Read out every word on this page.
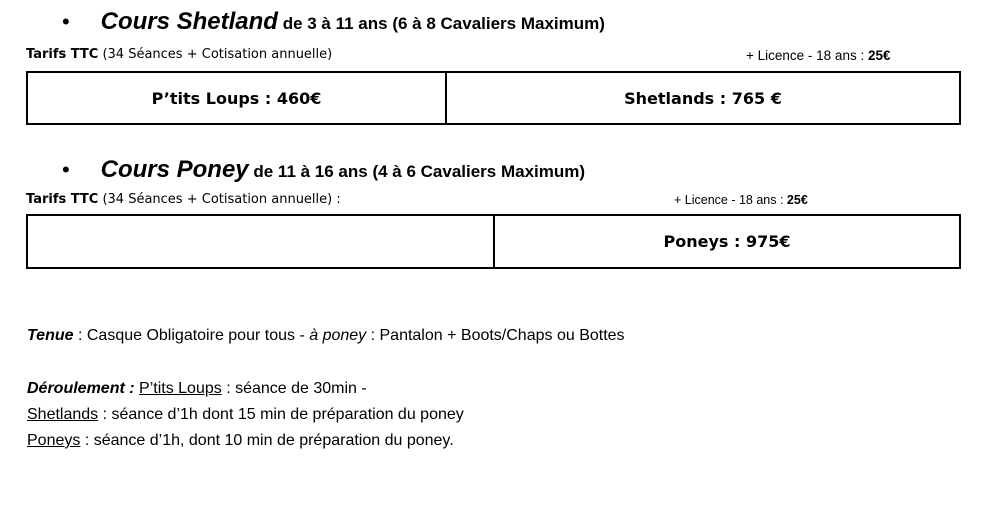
• Cours Shetland de 3 à 11 ans (6 à 8 Cavaliers Maximum)
Tarifs TTC (34 Séances + Cotisation annuelle)	+ Licence - 18 ans : 25€
P’tits Loups : 460€	Shetlands : 765 €
• Cours Poney de 11 à 16 ans (4 à 6 Cavaliers Maximum)
Tarifs TTC (34 Séances + Cotisation annuelle) :	+ Licence - 18 ans : 25€
	Poneys : 975€
Tenue : Casque Obligatoire pour tous - à poney : Pantalon + Boots/Chaps ou Bottes
Déroulement : P’tits Loups : séance de 30min -
Shetlands : séance d’1h dont 15 min de préparation du poney
Poneys : séance d’1h, dont 10 min de préparation du poney.
